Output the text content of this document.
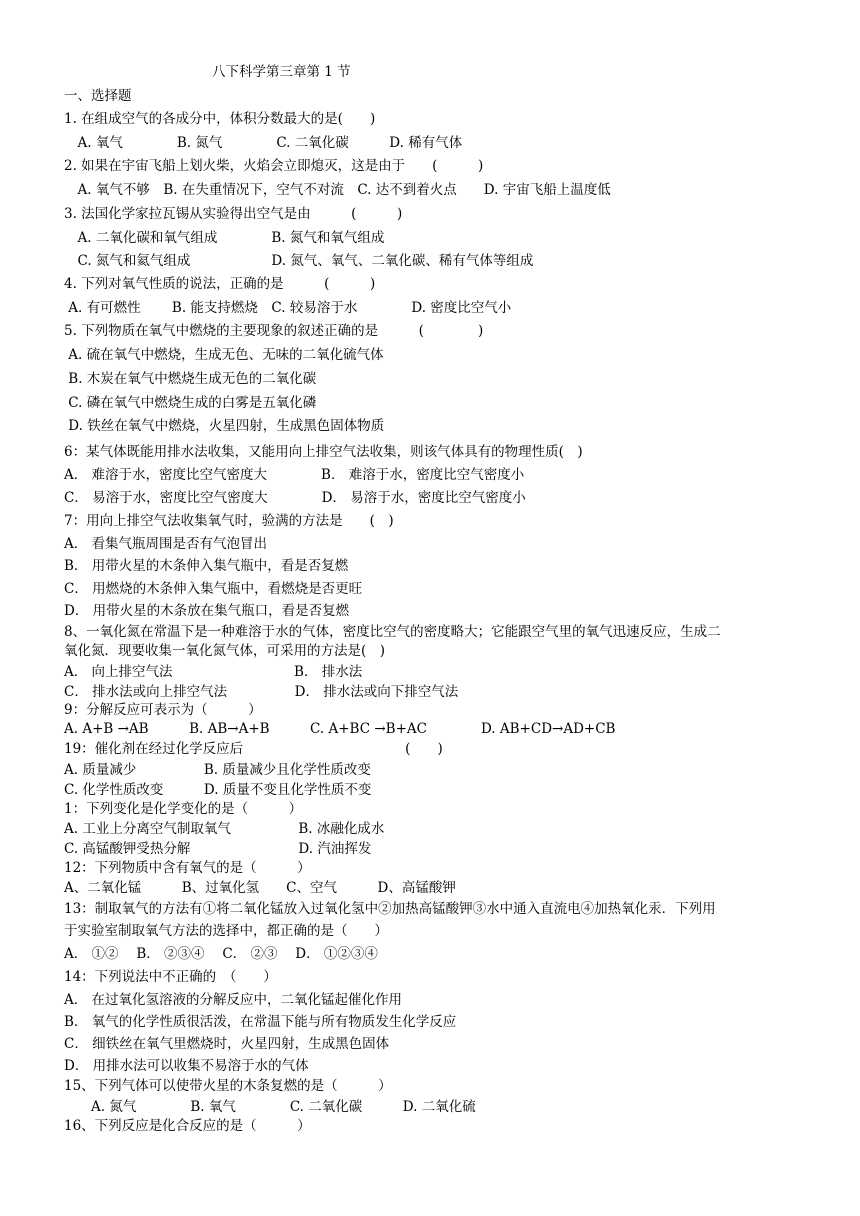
八下科学第三章第 1 节
一、选择题
1. 在组成空气的各成分中，体积分数最大的是(　　)
　A. 氧气　　　　B. 氮气　　　　C. 二氧化碳　　　D. 稀有气体
2. 如果在宇宙飞船上划火柴，火焰会立即熄灭，这是由于　　(　　　)
　A. 氧气不够　B. 在失重情况下，空气不对流　C. 达不到着火点　　D. 宇宙飞船上温度低
3. 法国化学家拉瓦锡从实验得出空气是由　　　(　　　)
　A. 二氧化碳和氧气组成　　　　B. 氮气和氧气组成
　C. 氮气和氦气组成　　　　　　D. 氮气、氧气、二氧化碳、稀有气体等组成
4. 下列对氧气性质的说法，正确的是　　　(　　　)
A. 有可燃性　　 B. 能支持燃烧　C. 较易溶于水　　　　D. 密度比空气小
5. 下列物质在氧气中燃烧的主要现象的叙述正确的是　　　(　　　　)
A. 硫在氧气中燃烧，生成无色、无味的二氧化硫气体
B. 木炭在氧气中燃烧生成无色的二氧化碳
C. 磷在氧气中燃烧生成的白雾是五氧化磷
D. 铁丝在氧气中燃烧，火星四射，生成黑色固体物质
6：某气体既能用排水法收集，又能用向上排空气法收集，则该气体具有的物理性质(　)
A． 难溶于水，密度比空气密度大　　　　B． 难溶于水，密度比空气密度小
C． 易溶于水，密度比空气密度大　　　　D． 易溶于水，密度比空气密度小
7：用向上排空气法收集氧气时，验满的方法是　　(　)
A． 看集气瓶周围是否有气泡冒出
B． 用带火星的木条伸入集气瓶中，看是否复燃
C． 用燃烧的木条伸入集气瓶中，看燃烧是否更旺
D． 用带火星的木条放在集气瓶口，看是否复燃
8、一氧化氮在常温下是一种难溶于水的气体，密度比空气的密度略大；它能跟空气里的氧气迅速反应，生成二
氧化氮．现要收集一氧化氮气体，可采用的方法是(　)
A． 向上排空气法　　　　　　　　　B． 排水法
C． 排水法或向上排空气法　　　　　D． 排水法或向下排空气法
9：分解反应可表示为（　　　）
A. A+B →AB　　　B. AB→A+B　　　C. A+BC →B+AC　　　　D. AB+CD→AD+CB
19：催化剂在经过化学反应后　　　　　　　　　　　　(　　)
A. 质量减少　　　　　B. 质量减少且化学性质改变
C. 化学性质改变　　　D. 质量不变且化学性质不变
1：下列变化是化学变化的是（　　　）
A. 工业上分离空气制取氧气　　　　　B. 冰融化成水
C. 高锰酸钾受热分解　　　　　　　　D. 汽油挥发
12：下列物质中含有氧气的是（　　　）
A、二氧化锰　　　B、过氧化氢　　C、空气　　　D、高锰酸钾
13：制取氧气的方法有①将二氧化锰放入过氧化氢中②加热高锰酸钾③水中通入直流电④加热氧化汞．下列用
于实验室制取氧气方法的选择中，都正确的是（　　）
A． ①②　 B． ②③④　 C． ②③　 D． ①②③④
14：下列说法中不正确的　（　　）
A． 在过氧化氢溶液的分解反应中，二氧化锰起催化作用
B． 氧气的化学性质很活泼，在常温下能与所有物质发生化学反应
C． 细铁丝在氧气里燃烧时，火星四射，生成黑色固体
D． 用排水法可以收集不易溶于水的气体
15、下列气体可以使带火星的木条复燃的是（　　　）
　　A. 氮气　　　　B. 氧气　　　　C. 二氧化碳　　　D. 二氧化硫
16、下列反应是化合反应的是（　　　）
